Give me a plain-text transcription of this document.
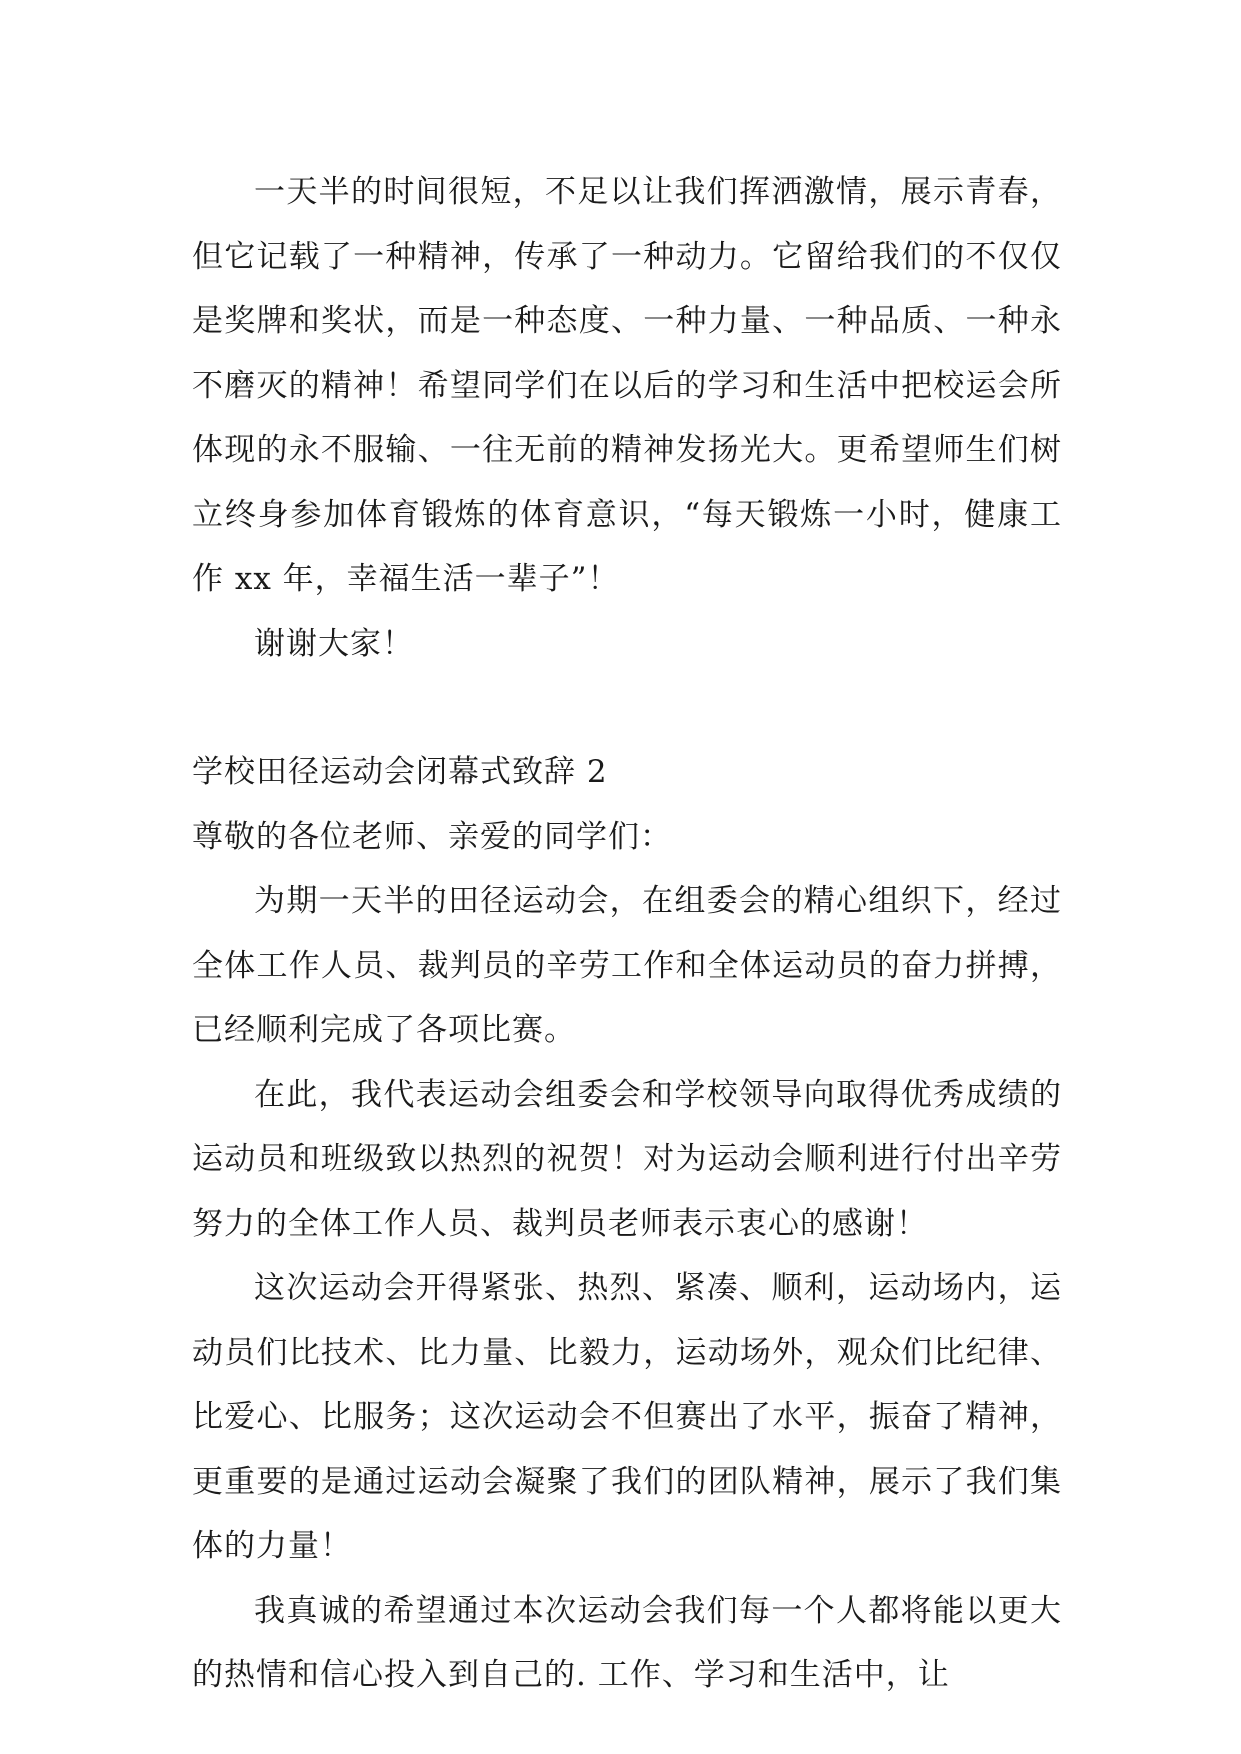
一天半的时间很短，不足以让我们挥洒激情，展示青春，但它记载了一种精神，传承了一种动力。它留给我们的不仅仅是奖牌和奖状，而是一种态度、一种力量、一种品质、一种永不磨灭的精神！希望同学们在以后的学习和生活中把校运会所体现的永不服输、一往无前的精神发扬光大。更希望师生们树立终身参加体育锻炼的体育意识，“每天锻炼一小时，健康工作 xx 年，幸福生活一辈子”！

谢谢大家！

学校田径运动会闭幕式致辞 2

尊敬的各位老师、亲爱的同学们：

为期一天半的田径运动会，在组委会的精心组织下，经过全体工作人员、裁判员的辛劳工作和全体运动员的奋力拼搏，已经顺利完成了各项比赛。

在此，我代表运动会组委会和学校领导向取得优秀成绩的运动员和班级致以热烈的祝贺！对为运动会顺利进行付出辛劳努力的全体工作人员、裁判员老师表示衷心的感谢！

这次运动会开得紧张、热烈、紧凑、顺利，运动场内，运动员们比技术、比力量、比毅力，运动场外，观众们比纪律、比爱心、比服务；这次运动会不但赛出了水平，振奋了精神，更重要的是通过运动会凝聚了我们的团队精神，展示了我们集体的力量！

我真诚的希望通过本次运动会我们每一个人都将能以更大的热情和信心投入到自己的. 工作、学习和生活中，让
